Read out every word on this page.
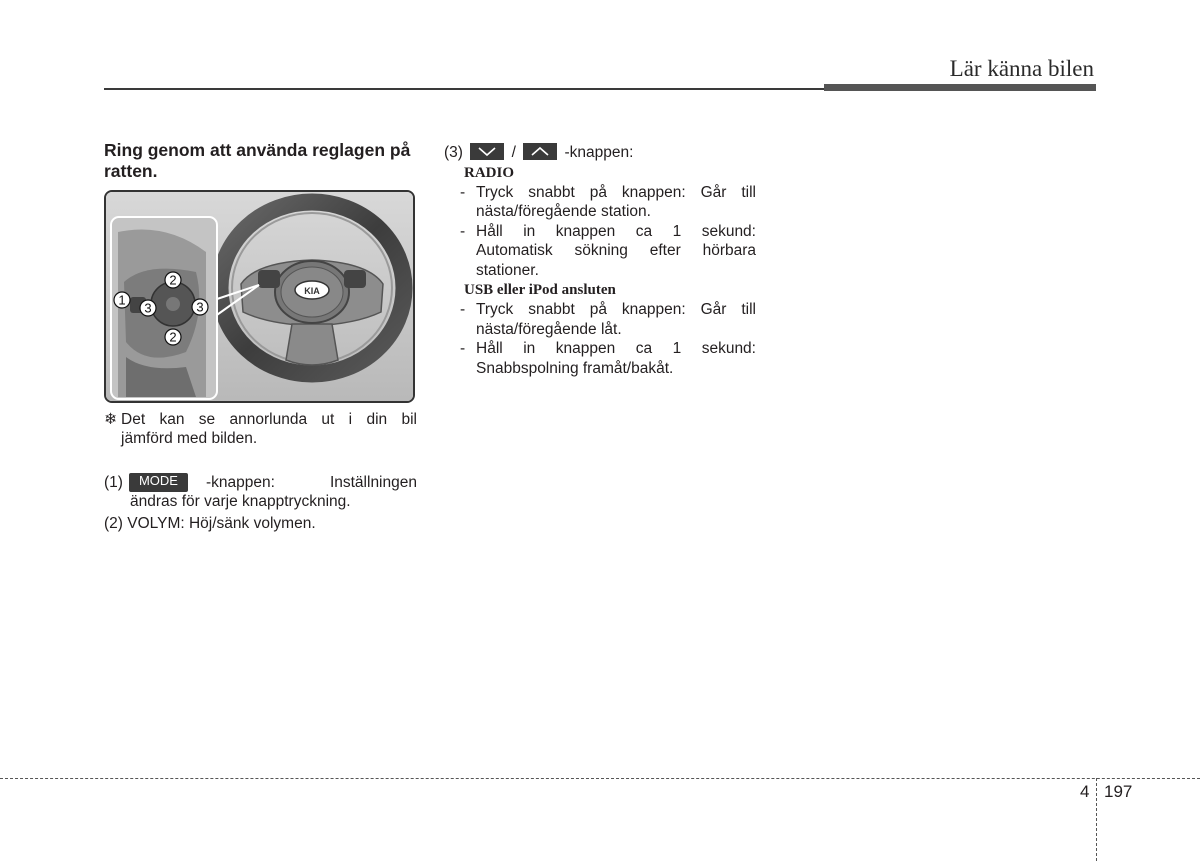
Lär känna bilen
Ring genom att använda reglagen på ratten.
KIA
1
2
2
3	3
❄ Det kan se annorlunda ut i din bil
jämförd med bilden.
(1)	MODE	-knappen: Inställningen
ändras för varje knapptryckning.
(2) VOLYM: Höj/sänk volymen.
(3)	/	-knappen:
RADIO
- Tryck snabbt på knappen: Går till
nästa/föregående station.
- Håll in knappen ca 1 sekund:
Automatisk sökning efter hörbara
stationer.
USB eller iPod ansluten
- Tryck snabbt på knappen: Går till
nästa/föregående låt.
- Håll in knappen ca 1 sekund:
Snabbspolning framåt/bakåt.
4 197
